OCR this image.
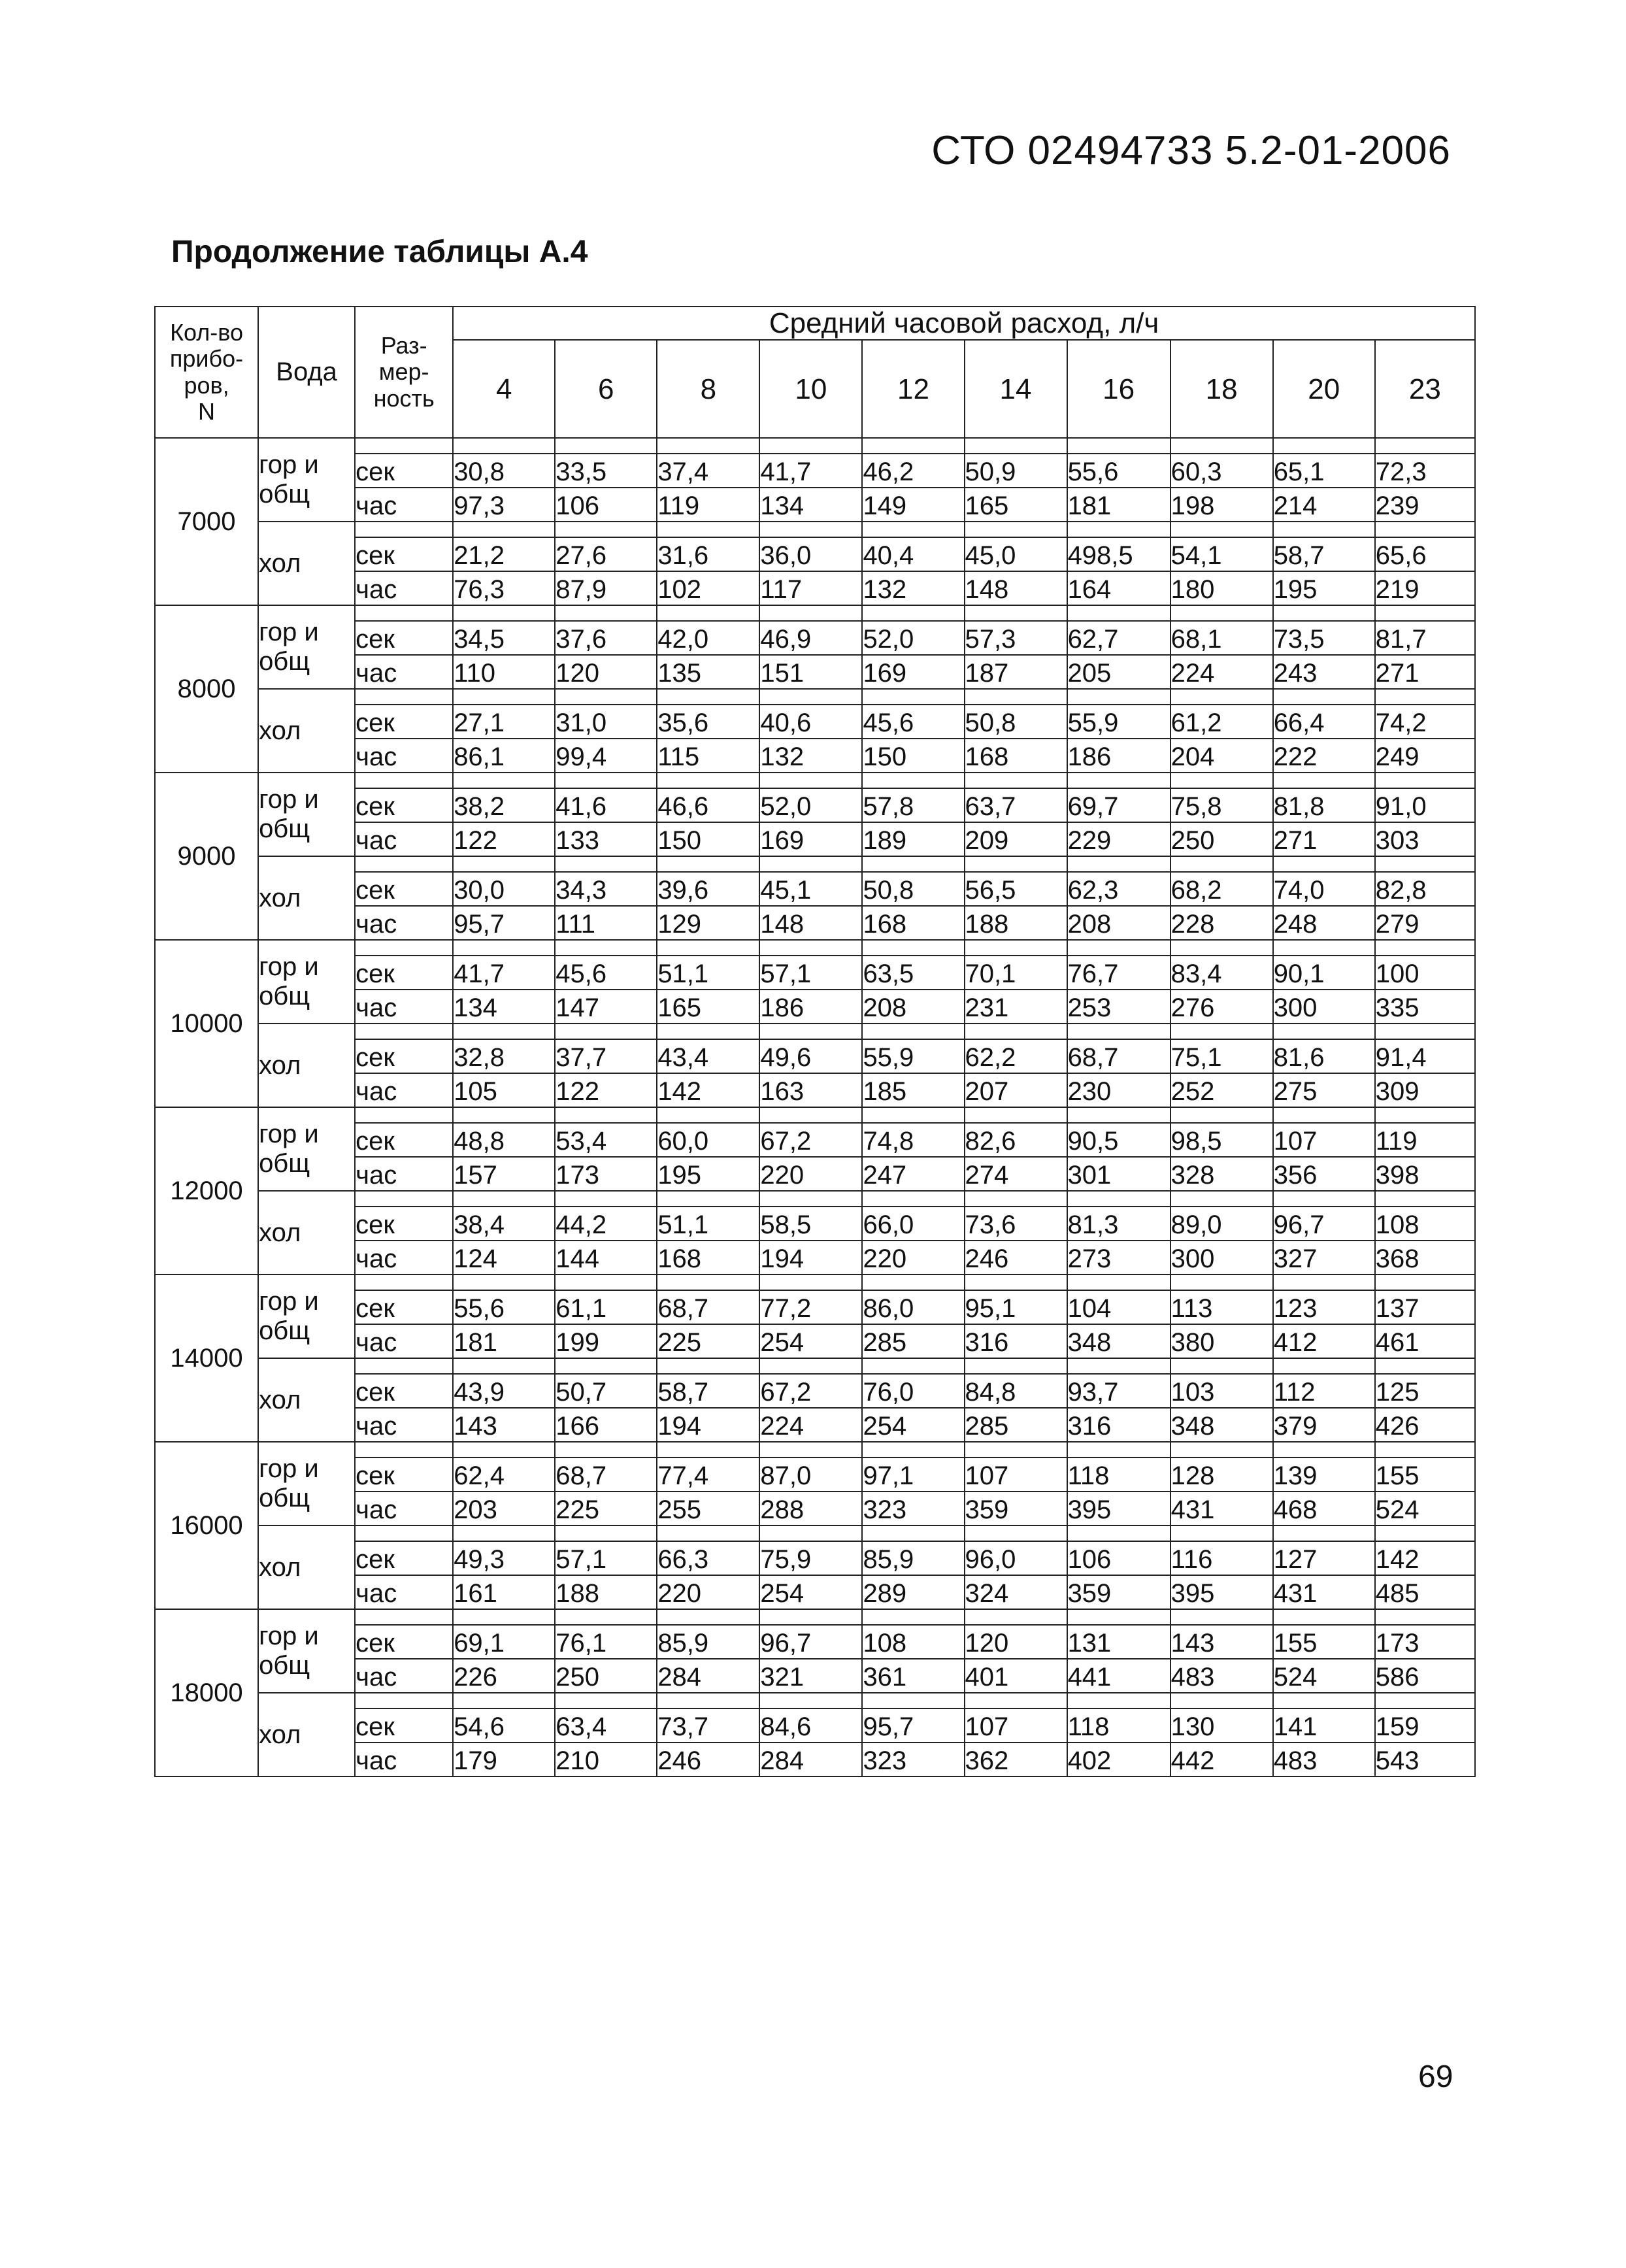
СТО 02494733 5.2-01-2006
Продолжение таблицы А.4
Кол-во
прибо-
ров,
N	Вода	Раз-
мер-
ность	Средний часовой расход, л/ч									
			4	6	8	10	12	14	16	18	20	23
7000	гор и общ											
		сек	30,8	33,5	37,4	41,7	46,2	50,9	55,6	60,3	65,1	72,3
		час	97,3	106	119	134	149	165	181	198	214	239
	хол											
		сек	21,2	27,6	31,6	36,0	40,4	45,0	498,5	54,1	58,7	65,6
		час	76,3	87,9	102	117	132	148	164	180	195	219
8000	гор и общ											
		сек	34,5	37,6	42,0	46,9	52,0	57,3	62,7	68,1	73,5	81,7
		час	110	120	135	151	169	187	205	224	243	271
	хол											
		сек	27,1	31,0	35,6	40,6	45,6	50,8	55,9	61,2	66,4	74,2
		час	86,1	99,4	115	132	150	168	186	204	222	249
9000	гор и общ											
		сек	38,2	41,6	46,6	52,0	57,8	63,7	69,7	75,8	81,8	91,0
		час	122	133	150	169	189	209	229	250	271	303
	хол											
		сек	30,0	34,3	39,6	45,1	50,8	56,5	62,3	68,2	74,0	82,8
		час	95,7	111	129	148	168	188	208	228	248	279
10000	гор и общ											
		сек	41,7	45,6	51,1	57,1	63,5	70,1	76,7	83,4	90,1	100
		час	134	147	165	186	208	231	253	276	300	335
	хол											
		сек	32,8	37,7	43,4	49,6	55,9	62,2	68,7	75,1	81,6	91,4
		час	105	122	142	163	185	207	230	252	275	309
12000	гор и общ											
		сек	48,8	53,4	60,0	67,2	74,8	82,6	90,5	98,5	107	119
		час	157	173	195	220	247	274	301	328	356	398
	хол											
		сек	38,4	44,2	51,1	58,5	66,0	73,6	81,3	89,0	96,7	108
		час	124	144	168	194	220	246	273	300	327	368
14000	гор и общ											
		сек	55,6	61,1	68,7	77,2	86,0	95,1	104	113	123	137
		час	181	199	225	254	285	316	348	380	412	461
	хол											
		сек	43,9	50,7	58,7	67,2	76,0	84,8	93,7	103	112	125
		час	143	166	194	224	254	285	316	348	379	426
16000	гор и общ											
		сек	62,4	68,7	77,4	87,0	97,1	107	118	128	139	155
		час	203	225	255	288	323	359	395	431	468	524
	хол											
		сек	49,3	57,1	66,3	75,9	85,9	96,0	106	116	127	142
		час	161	188	220	254	289	324	359	395	431	485
18000	гор и общ											
		сек	69,1	76,1	85,9	96,7	108	120	131	143	155	173
		час	226	250	284	321	361	401	441	483	524	586
	хол											
		сек	54,6	63,4	73,7	84,6	95,7	107	118	130	141	159
		час	179	210	246	284	323	362	402	442	483	543
69
